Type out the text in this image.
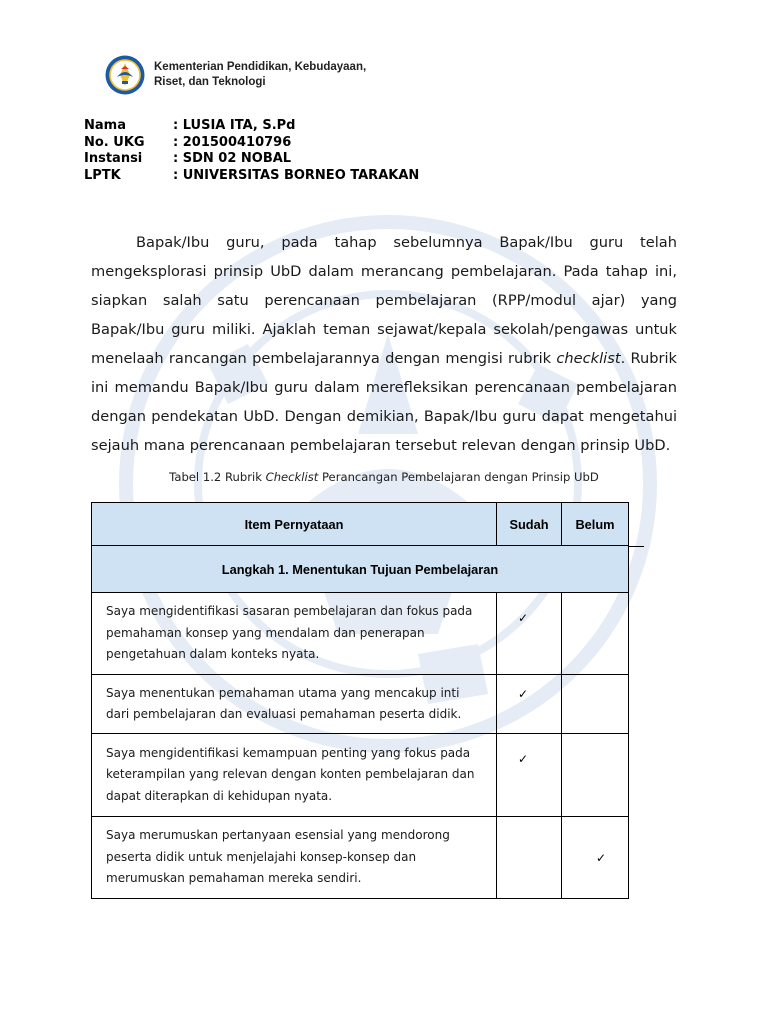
Kementerian Pendidikan, Kebudayaan,
Riset, dan Teknologi
Nama	: LUSIA ITA, S.Pd
No. UKG	: 201500410796
Instansi	: SDN 02 NOBAL
LPTK	: UNIVERSITAS BORNEO TARAKAN

Bapak/Ibu guru, pada tahap sebelumnya Bapak/Ibu guru telah mengeksplorasi prinsip UbD dalam merancang pembelajaran. Pada tahap ini, siapkan salah satu perencanaan pembelajaran (RPP/modul ajar) yang Bapak/Ibu guru miliki. Ajaklah teman sejawat/kepala sekolah/pengawas untuk menelaah rancangan pembelajarannya dengan mengisi rubrik checklist. Rubrik ini memandu Bapak/Ibu guru dalam merefleksikan perencanaan pembelajaran dengan pendekatan UbD. Dengan demikian, Bapak/Ibu guru dapat mengetahui sejauh mana perencanaan pembelajaran tersebut relevan dengan prinsip UbD.

Tabel 1.2 Rubrik Checklist Perancangan Pembelajaran dengan Prinsip UbD
Item Pernyataan	Sudah	Belum
Langkah 1. Menentukan Tujuan Pembelajaran		
Saya mengidentifikasi sasaran pembelajaran dan fokus pada pemahaman konsep yang mendalam dan penerapan pengetahuan dalam konteks nyata.	✓	
Saya menentukan pemahaman utama yang mencakup inti dari pembelajaran dan evaluasi pemahaman peserta didik.	✓	
Saya mengidentifikasi kemampuan penting yang fokus pada keterampilan yang relevan dengan konten pembelajaran dan dapat diterapkan di kehidupan nyata.	✓	
Saya merumuskan pertanyaan esensial yang mendorong peserta didik untuk menjelajahi konsep-konsep dan merumuskan pemahaman mereka sendiri.		✓
